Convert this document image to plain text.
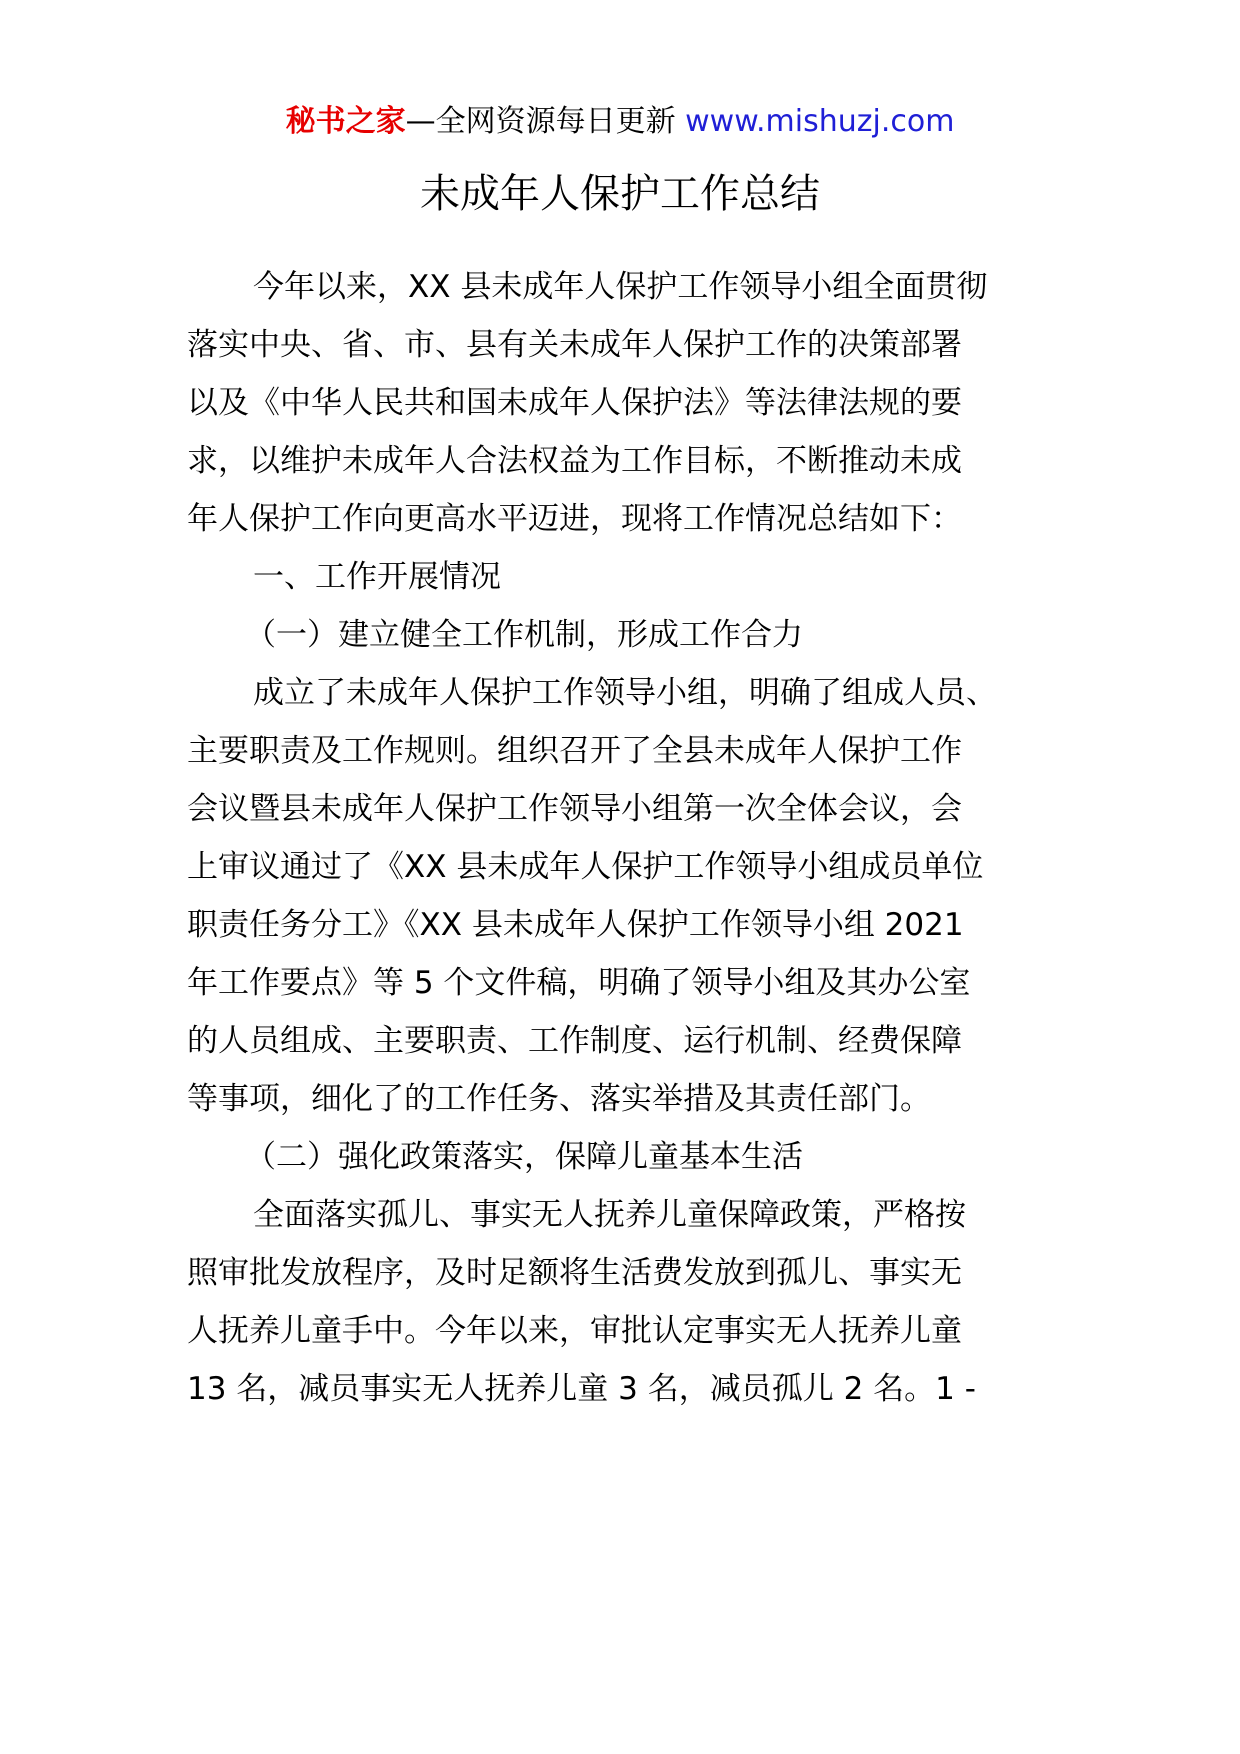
秘书之家—全网资源每日更新 www.mishuzj.com
未成年人保护工作总结

今年以来，XX 县未成年人保护工作领导小组全面贯彻

落实中央、省、市、县有关未成年人保护工作的决策部署

以及《中华人民共和国未成年人保护法》等法律法规的要

求，以维护未成年人合法权益为工作目标，不断推动未成

年人保护工作向更高水平迈进，现将工作情况总结如下：

一、工作开展情况

（一）建立健全工作机制，形成工作合力

成立了未成年人保护工作领导小组，明确了组成人员、

主要职责及工作规则。组织召开了全县未成年人保护工作

会议暨县未成年人保护工作领导小组第一次全体会议，会

上审议通过了《XX 县未成年人保护工作领导小组成员单位

职责任务分工》《XX 县未成年人保护工作领导小组 2021

年工作要点》等 5 个文件稿，明确了领导小组及其办公室

的人员组成、主要职责、工作制度、运行机制、经费保障

等事项，细化了的工作任务、落实举措及其责任部门。

（二）强化政策落实，保障儿童基本生活

全面落实孤儿、事实无人抚养儿童保障政策，严格按

照审批发放程序，及时足额将生活费发放到孤儿、事实无

人抚养儿童手中。今年以来，审批认定事实无人抚养儿童

13 名，减员事实无人抚养儿童 3 名，减员孤儿 2 名。1 -
